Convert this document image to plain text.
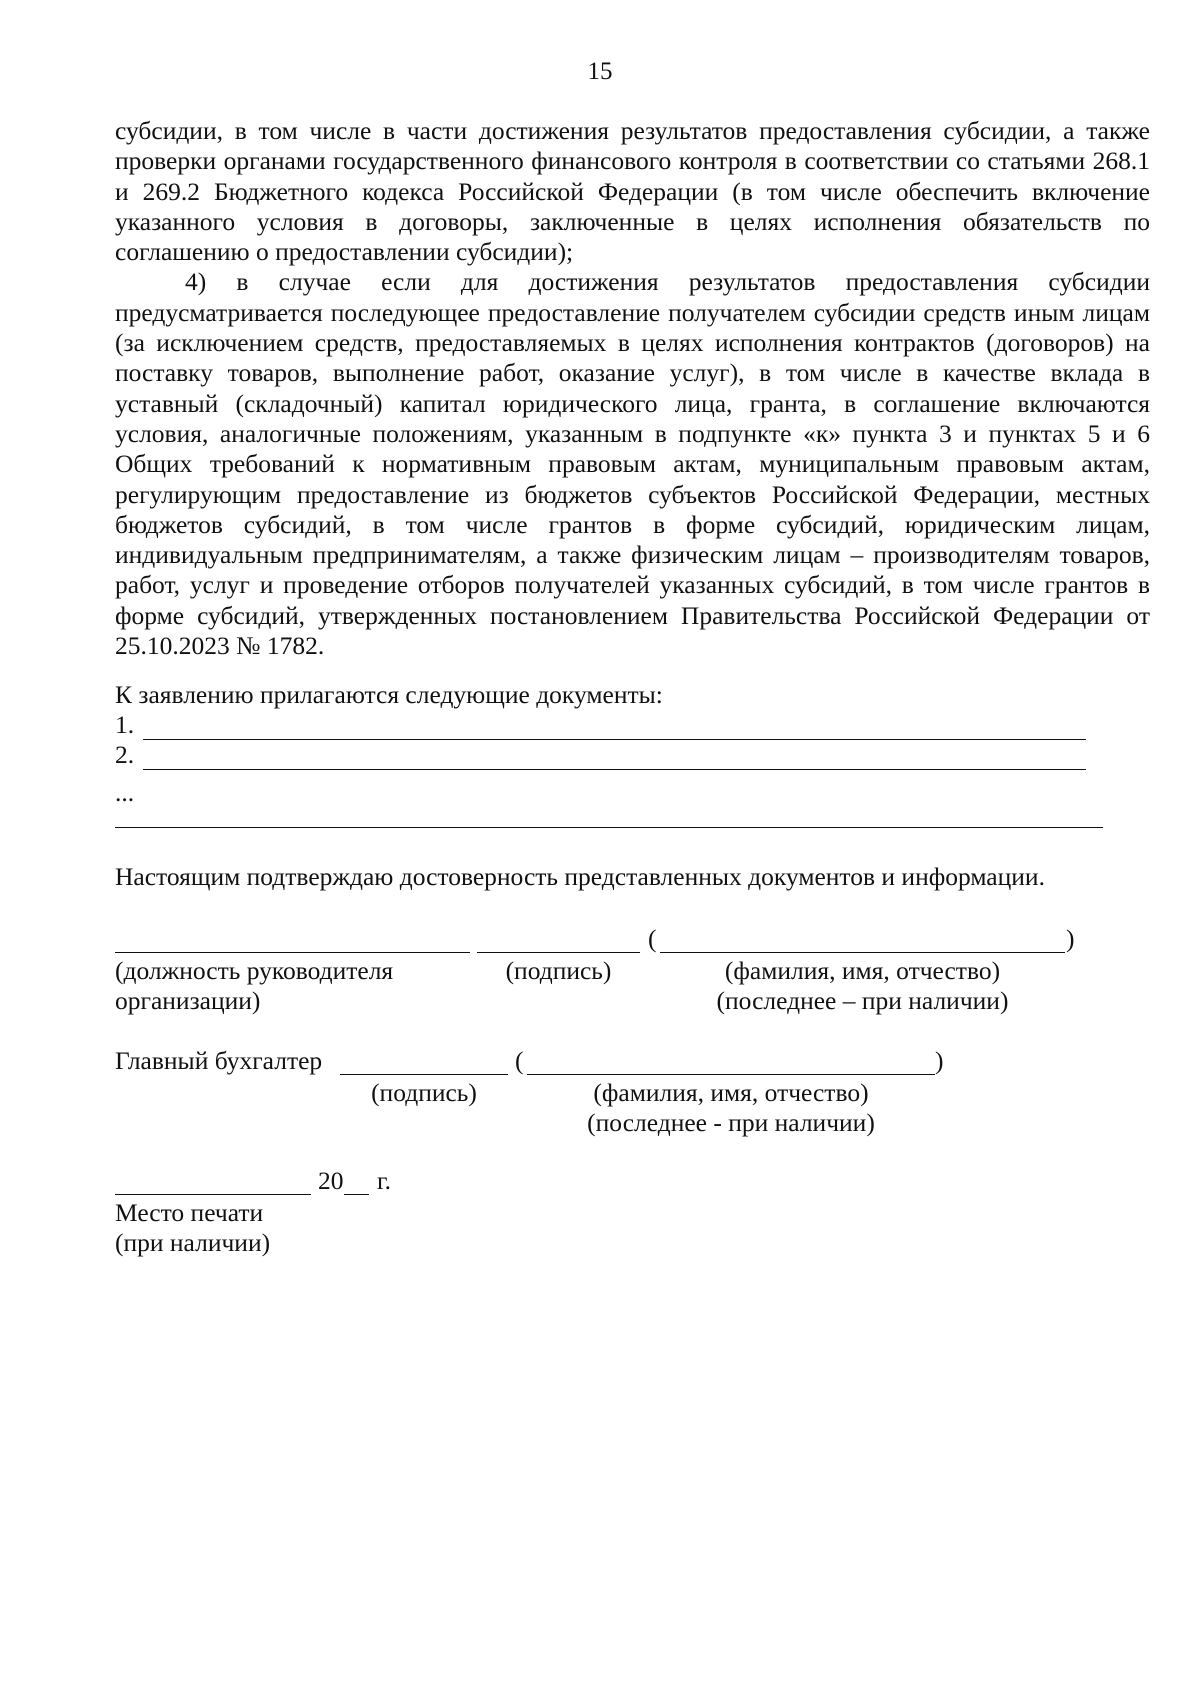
15

субсидии, в том числе в части достижения результатов предоставления субсидии, а также проверки органами государственного финансового контроля в соответствии со статьями 268.1 и 269.2 Бюджетного кодекса Российской Федерации (в том числе обеспечить включение указанного условия в договоры, заключенные в целях исполнения обязательств по соглашению о предоставлении субсидии);

4) в случае если для достижения результатов предоставления субсидии предусматривается последующее предоставление получателем субсидии средств иным лицам (за исключением средств, предоставляемых в целях исполнения контрактов (договоров) на поставку товаров, выполнение работ, оказание услуг), в том числе в качестве вклада в уставный (складочный) капитал юридического лица, гранта, в соглашение включаются условия, аналогичные положениям, указанным в подпункте «к» пункта 3 и пунктах 5 и 6 Общих требований к нормативным правовым актам, муниципальным правовым актам, регулирующим предоставление из бюджетов субъектов Российской Федерации, местных бюджетов субсидий, в том числе грантов в форме субсидий, юридическим лицам, индивидуальным предпринимателям, а также физическим лицам – производителям товаров, работ, услуг и проведение отборов получателей указанных субсидий, в том числе грантов в форме субсидий, утвержденных постановлением Правительства Российской Федерации от 25.10.2023 № 1782.

К заявлению прилагаются следующие документы:
1.
2.
...
Настоящим подтверждаю достоверность представленных документов и информации.
(	)
(должность руководителя
организации)
(подпись)	(фамилия, имя, отчество)
(последнее – при наличии)
Главный бухгалтер	(	)
(подпись)	(фамилия, имя, отчество)
(последнее - при наличии)
20 г.
Место печати
(при наличии)
